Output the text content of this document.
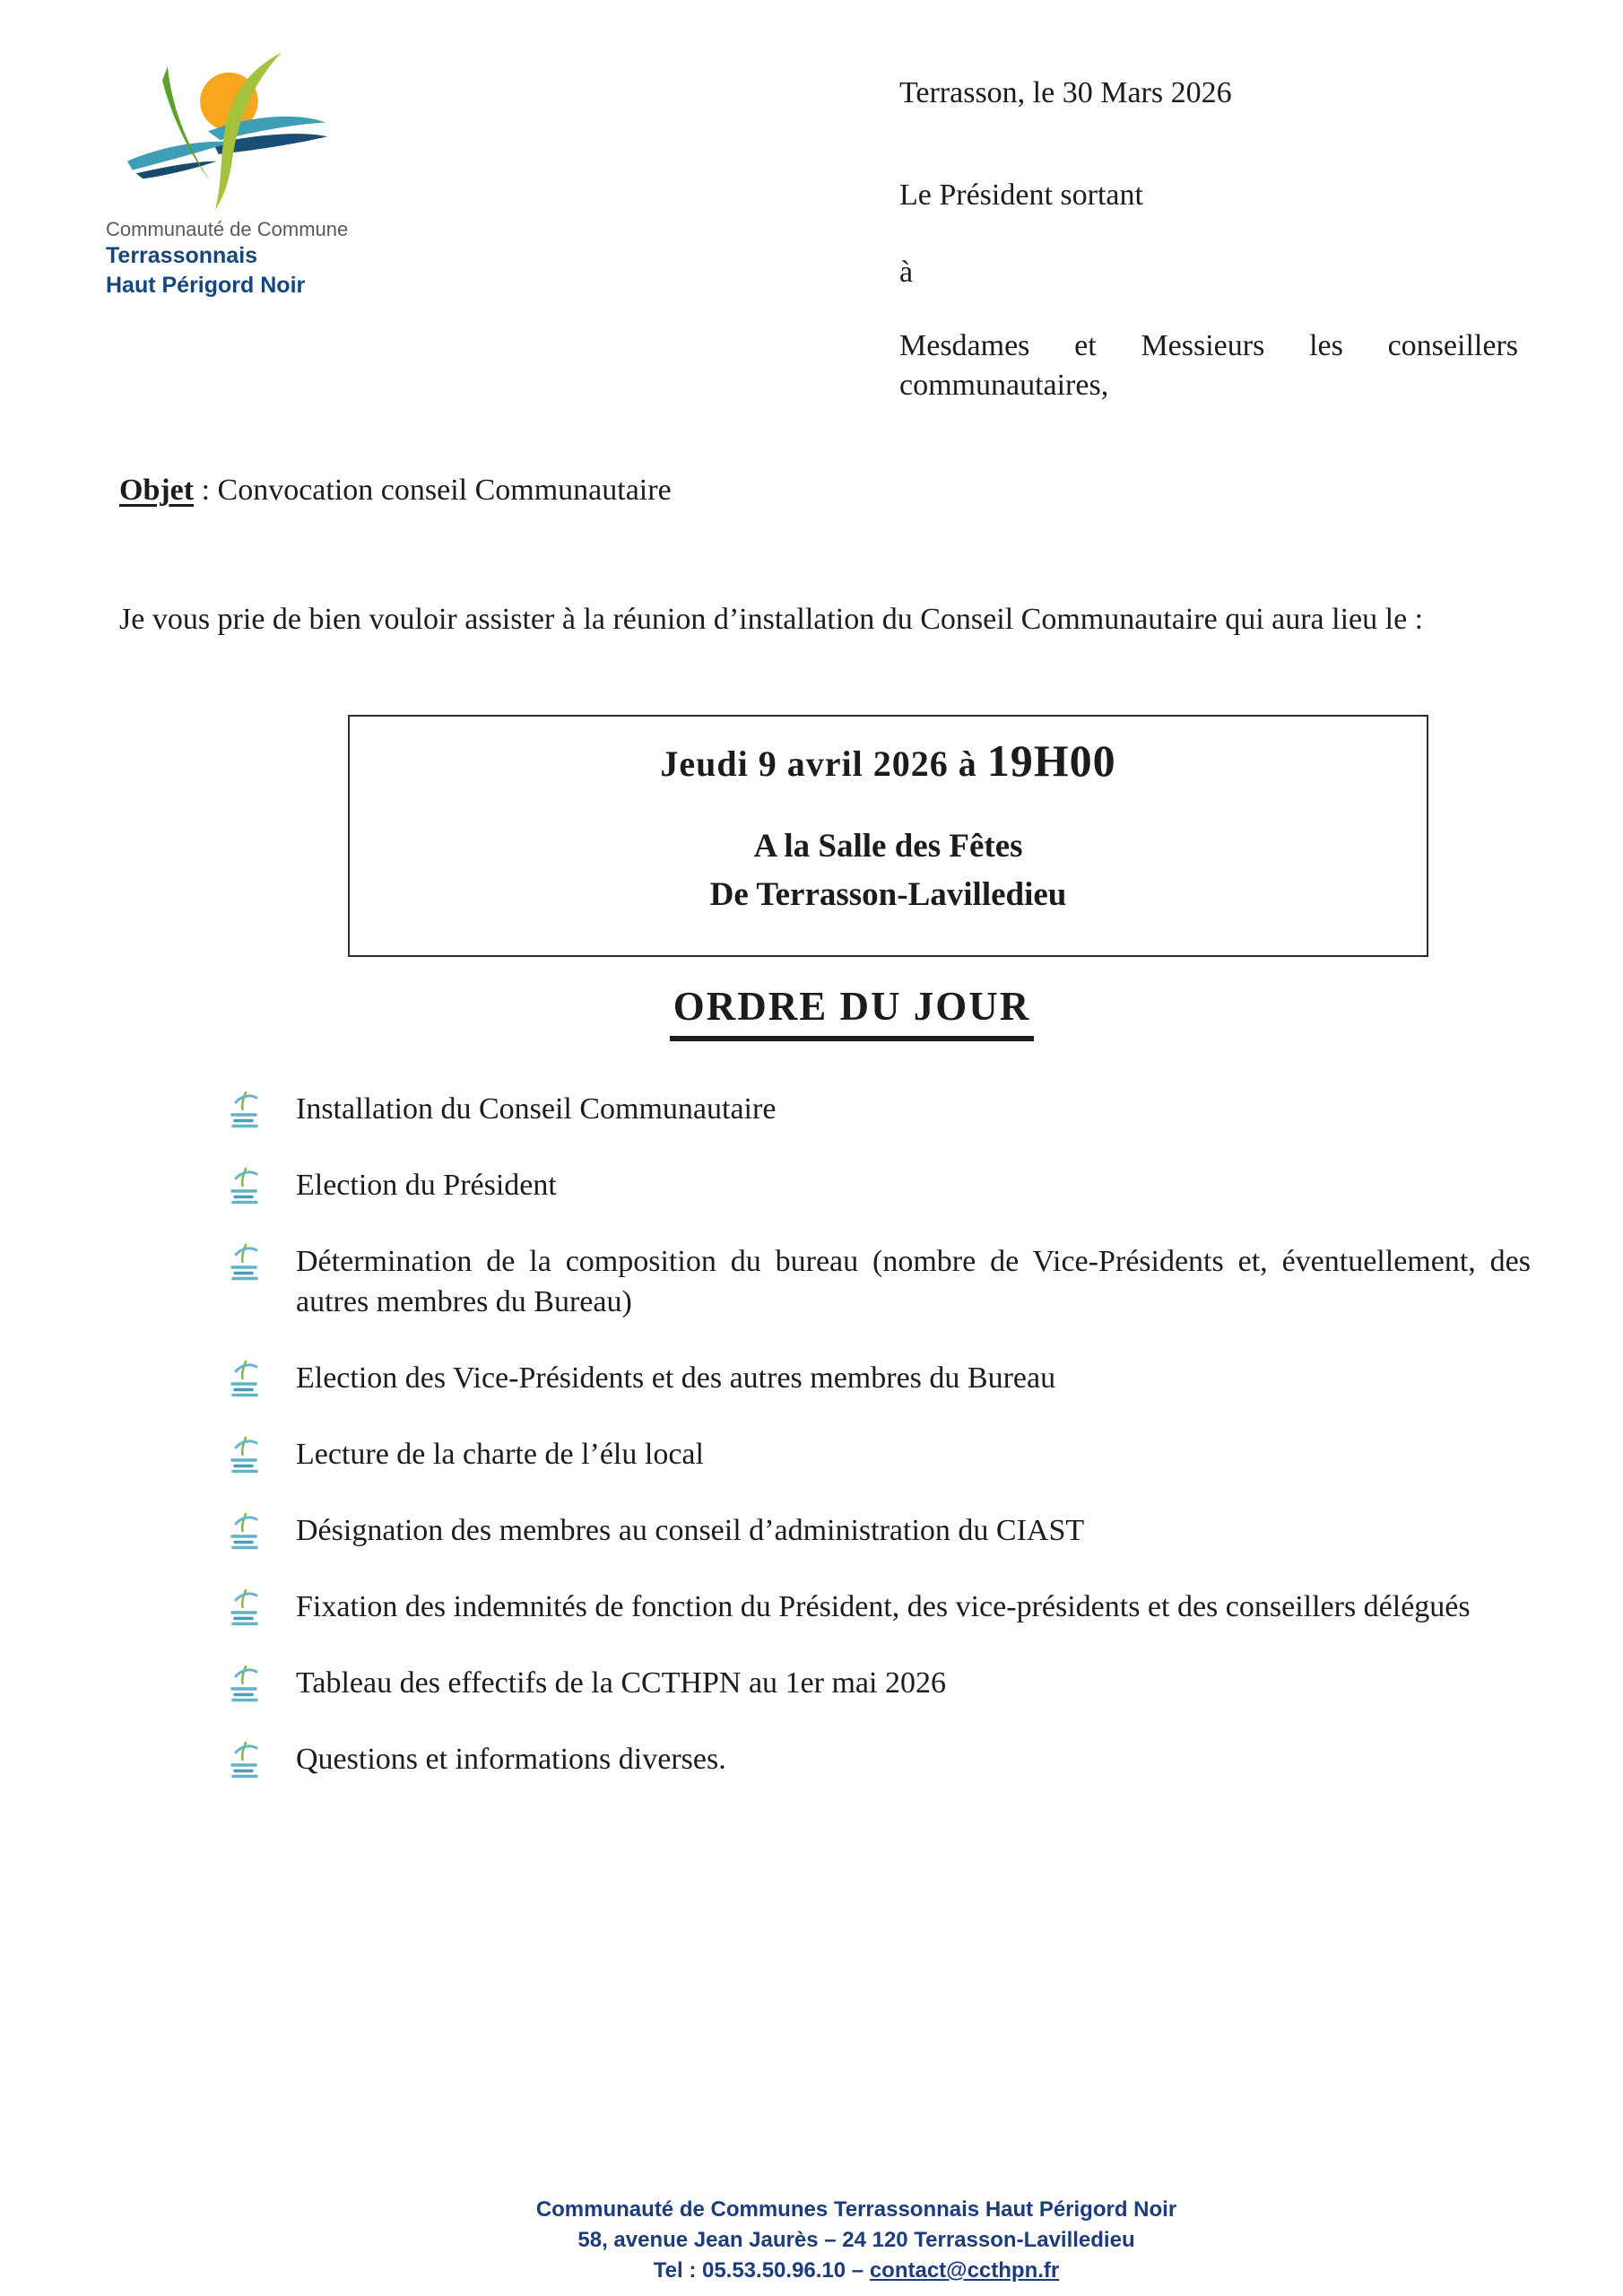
Communauté de Commune
Terrassonnais
Haut Périgord Noir
Terrasson, le 30 Mars 2026
Le Président sortant
à
Mesdames et Messieurs les conseillers communautaires,
Objet : Convocation conseil Communautaire

Je vous prie de bien vouloir assister à la réunion d’installation du Conseil Communautaire qui aura lieu le :

Jeudi 9 avril 2026 à 19H00
A la Salle des Fêtes
De Terrasson-Lavilledieu
ORDRE DU JOUR
Installation du Conseil Communautaire
Election du Président
Détermination de la composition du bureau (nombre de Vice-Présidents et, éventuellement, des autres membres du Bureau)
Election des Vice-Présidents et des autres membres du Bureau
Lecture de la charte de l’élu local
Désignation des membres au conseil d’administration du CIAST
Fixation des indemnités de fonction du Président, des vice-présidents et des conseillers délégués
Tableau des effectifs de la CCTHPN au 1er mai 2026
Questions et informations diverses.
Communauté de Communes Terrassonnais Haut Périgord Noir
58, avenue Jean Jaurès – 24 120 Terrasson-Lavilledieu
Tel : 05.53.50.96.10 – contact@ccthpn.fr
